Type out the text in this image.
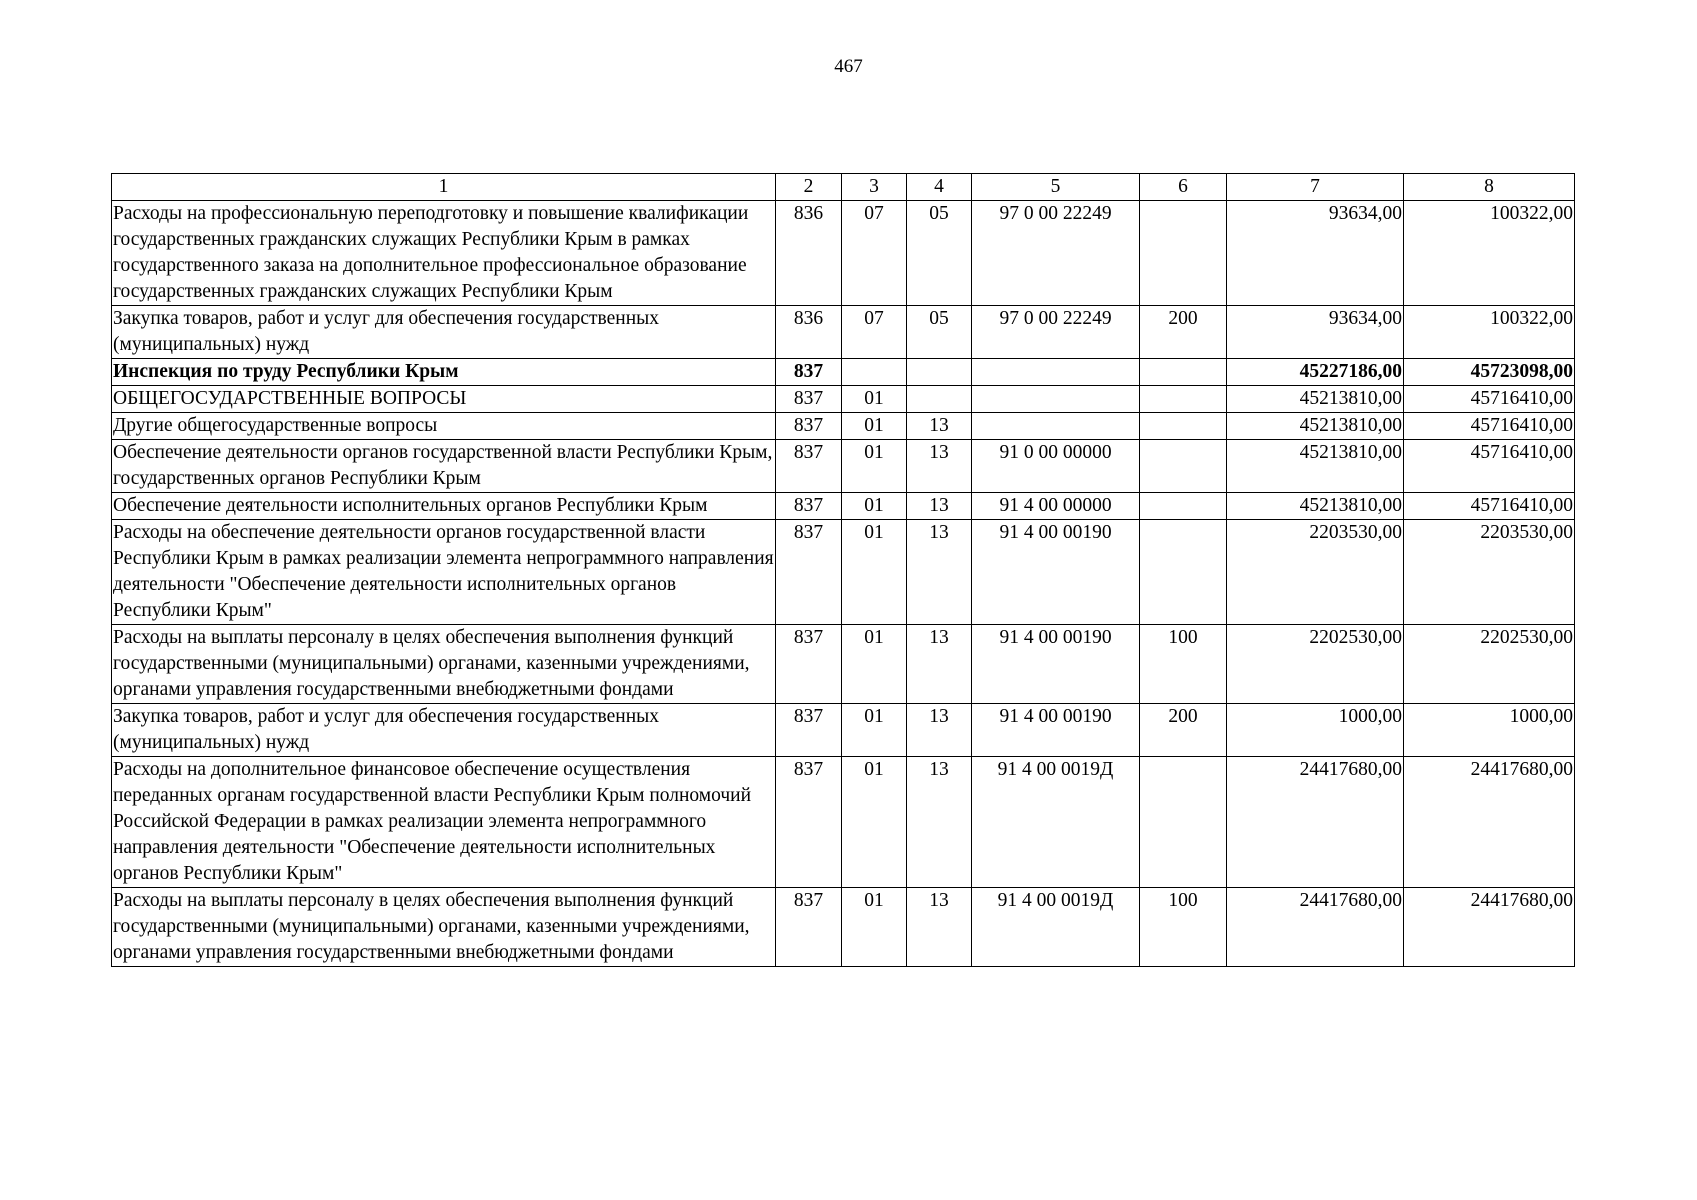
467
1	2	3	4	5	6	7	8
Расходы на профессиональную переподготовку и повышение квалификации государственных гражданских служащих Республики Крым в рамках государственного заказа на дополнительное профессиональное образование государственных гражданских служащих Республики Крым	836	07	05	97 0 00 22249		93634,00	100322,00
Закупка товаров, работ и услуг для обеспечения государственных (муниципальных) нужд	836	07	05	97 0 00 22249	200	93634,00	100322,00
Инспекция по труду Республики Крым	837					45227186,00	45723098,00
ОБЩЕГОСУДАРСТВЕННЫЕ ВОПРОСЫ	837	01				45213810,00	45716410,00
Другие общегосударственные вопросы	837	01	13			45213810,00	45716410,00
Обеспечение деятельности органов государственной власти Республики Крым, государственных органов Республики Крым	837	01	13	91 0 00 00000		45213810,00	45716410,00
Обеспечение деятельности исполнительных органов Республики Крым	837	01	13	91 4 00 00000		45213810,00	45716410,00
Расходы на обеспечение деятельности органов государственной власти Республики Крым в рамках реализации элемента непрограммного направления деятельности "Обеспечение деятельности исполнительных органов Республики Крым"	837	01	13	91 4 00 00190		2203530,00	2203530,00
Расходы на выплаты персоналу в целях обеспечения выполнения функций государственными (муниципальными) органами, казенными учреждениями, органами управления государственными внебюджетными фондами	837	01	13	91 4 00 00190	100	2202530,00	2202530,00
Закупка товаров, работ и услуг для обеспечения государственных (муниципальных) нужд	837	01	13	91 4 00 00190	200	1000,00	1000,00
Расходы на дополнительное финансовое обеспечение осуществления переданных органам государственной власти Республики Крым полномочий Российской Федерации в рамках реализации элемента непрограммного направления деятельности "Обеспечение деятельности исполнительных органов Республики Крым"	837	01	13	91 4 00 0019Д		24417680,00	24417680,00
Расходы на выплаты персоналу в целях обеспечения выполнения функций государственными (муниципальными) органами, казенными учреждениями, органами управления государственными внебюджетными фондами	837	01	13	91 4 00 0019Д	100	24417680,00	24417680,00
